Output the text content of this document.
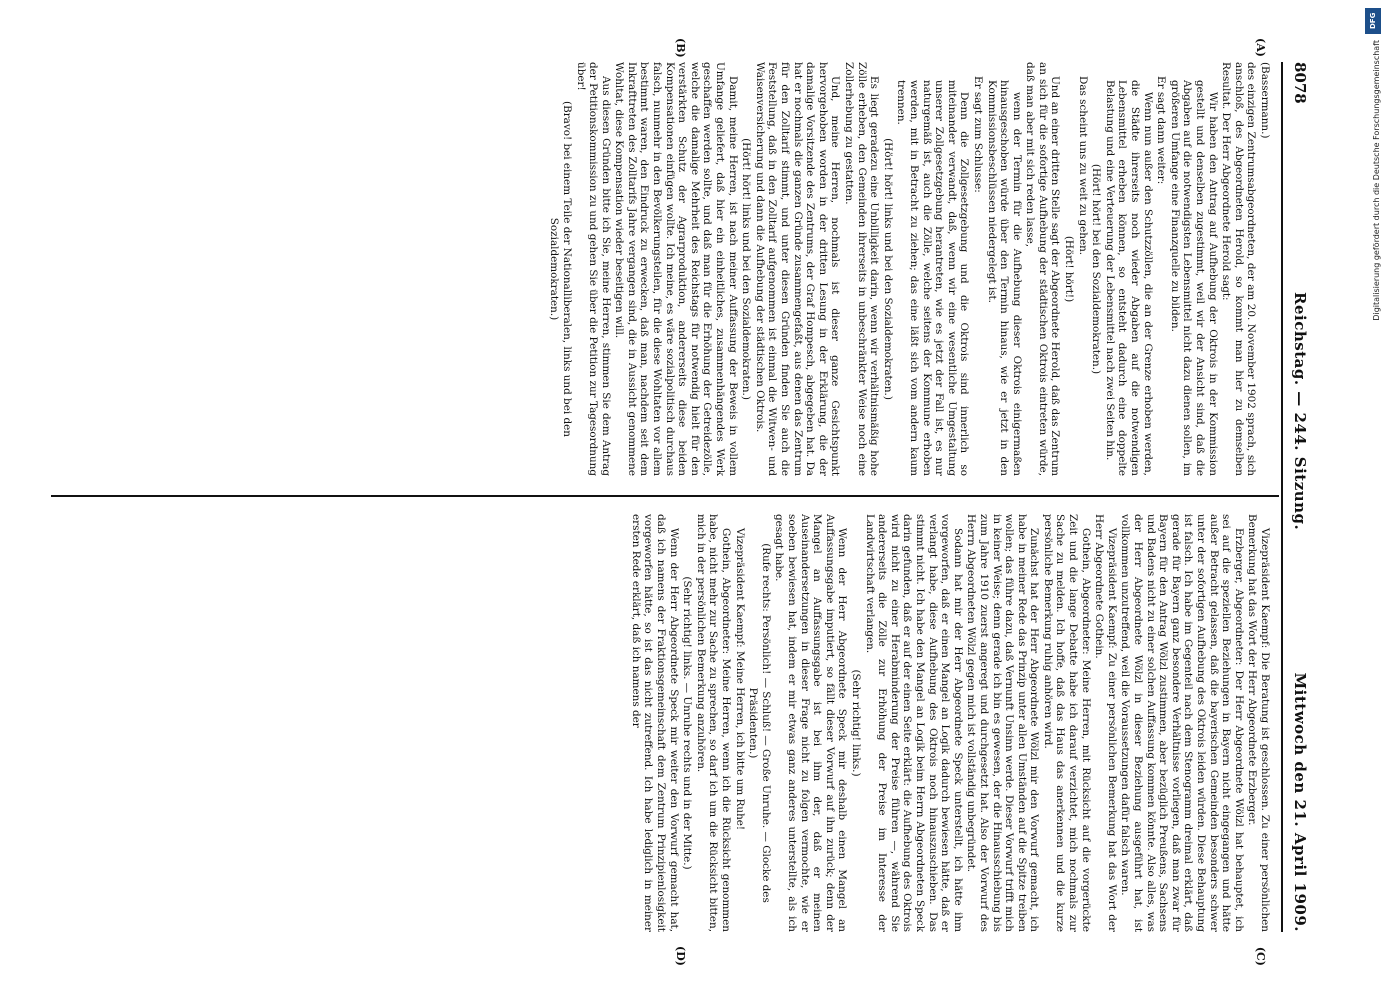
8078
Reichstag. — 244. Sitzung.
Mittwoch den 21. April 1909.
(A)
(B)
(C)
(D)

(Bassermann.)

des einzigen Zentrumsabgeordneten, der am 20. November 1902 sprach, sich anschloß, des Abgeordneten Herold, so kommt man hier zu demselben Resultat. Der Herr Abgeordnete Herold sagt:

Wir haben den Antrag auf Aufhebung der Oktrois in der Kommission gestellt und denselben zugestimmt, weil wir der Ansicht sind, daß die Abgaben auf die notwendigsten Lebensmittel nicht dazu dienen sollen, im größeren Umfange eine Finanzquelle zu bilden.

Er sagt dann weiter:

Wenn nun außer den Schutzzöllen, die an der Grenze erhoben werden, die Städte ihrerseits noch wieder Abgaben auf die notwendigen Lebensmittel erheben können, so entsteht dadurch eine doppelte Belastung und eine Verteuerung der Lebensmittel nach zwei Seiten hin.

(Hört! hört! bei den Sozialdemokraten.)

Das scheint uns zu weit zu gehen.

(Hört! hört!)

Und an einer dritten Stelle sagt der Abgeordnete Herold, daß das Zentrum an sich für die sofortige Aufhebung der städtischen Oktrois eintreten würde, daß man aber mit sich reden lasse,

wenn der Termin für die Aufhebung dieser Oktrois einigermaßen hinausgeschoben würde über den Termin hinaus, wie er jetzt in den Kommissionsbeschlüssen niedergelegt ist.

Er sagt zum Schlusse:

Denn die Zollgesetzgebung und die Oktrois sind innerlich so miteinander verwandt, daß, wenn wir eine wesentliche Umgestaltung unserer Zollgesetzgebung herantreten, wie es jetzt der Fall ist, es nur naturgemäß ist, auch die Zölle, welche seitens der Kommune erhoben werden, mit in Betracht zu ziehen; das eine läßt sich vom andern kaum trennen.

(Hört! hört! links und bei den Sozialdemokraten.)

Es liegt geradezu eine Unbilligkeit darin, wenn wir verhältnismäßig hohe Zölle erheben, den Gemeinden ihrerseits in unbeschränkter Weise noch eine Zollerhebung zu gestatten.

Und, meine Herren, nochmals ist dieser ganze Gesichtspunkt hervorgehoben worden in der dritten Lesung in der Erklärung, die der damalige Vorsitzende des Zentrums, der Graf Hompesch, abgegeben hat. Da hat er nochmals die ganzen Gründe zusammengefaßt, aus denen das Zentrum für den Zolltarif stimmt, und unter diesen Gründen finden Sie auch die Feststellung, daß in den Zolltarif aufgenommen ist einmal die Witwen- und Waisenversicherung und dann die Aufhebung der städtischen Oktrois.

(Hört! hört! links und bei den Sozialdemokraten.)

Damit, meine Herren, ist nach meiner Auffassung der Beweis in vollem Umfange geliefert, daß hier ein einheitliches, zusammenhängendes Werk geschaffen werden sollte, und daß man für die Erhöhung der Getreidezölle, welche die damalige Mehrheit des Reichstags für notwendig hielt für den verstärkten Schutz der Agrarproduktion, andererseits diese beiden Kompensationen einfügen wollte. Ich meine, es wäre sozialpolitisch durchaus falsch, nunmehr in den Bevölkerungsteilen, für die diese Wohltaten vor allem bestimmt waren, den Eindruck zu erwecken, daß man, nachdem seit dem Inkrafttreten des Zolltarifs Jahre vergangen sind, die in Aussicht genommene Wohltat, diese Kompensation wieder beseitigen will.

Aus diesen Gründen bitte ich Sie, meine Herren, stimmen Sie dem Antrag der Petitionskommission zu und gehen Sie über die Petition zur Tagesordnung über!

(Bravo! bei einem Teile der Nationalliberalen, links und bei den Sozialdemokraten.)

Vizepräsident Kaempf: Die Beratung ist geschlossen. Zu einer persönlichen Bemerkung hat das Wort der Herr Abgeordnete Erzberger.

Erzberger, Abgeordneter: Der Herr Abgeordnete Wölzl hat behauptet, ich sei auf die speziellen Beziehungen in Bayern nicht eingegangen und hätte außer Betracht gelassen, daß die bayerischen Gemeinden besonders schwer unter der sofortigen Aufhebung des Oktrois leiden würden. Diese Behauptung ist falsch. Ich habe im Gegenteil nach dem Stenogramm dreimal erklärt, daß gerade für Bayern ganz besondere Verhältnisse vorliegen, daß man zwar für Bayern für den Antrag Wölzl zustimmen, aber bezüglich Preußens, Sachsens und Badens nicht zu einer solchen Auffassung kommen könnte. Also alles, was der Herr Abgeordnete Wölzl in dieser Beziehung ausgeführt hat, ist vollkommen unzutreffend, weil die Voraussetzungen dafür falsch waren.

Vizepräsident Kaempf: Zu einer persönlichen Bemerkung hat das Wort der Herr Abgeordnete Gothein.

Gothein, Abgeordneter: Meine Herren, mit Rücksicht auf die vorgerückte Zeit und die lange Debatte habe ich darauf verzichtet, mich nochmals zur Sache zu melden. Ich hoffe, daß das Haus das anerkennen und die kurze persönliche Bemerkung ruhig anhören wird.

Zunächst hat der Herr Abgeordnete Wölzl mir den Vorwurf gemacht, ich habe in meiner Rede das Prinzip unter allen Umständen auf die Spitze treiben wollen; das führe dazu, daß Vernunft Unsinn werde. Dieser Vorwurf trifft mich in keiner Weise; denn gerade ich bin es gewesen, der die Hinausschiebung bis zum Jahre 1910 zuerst angeregt und durchgesetzt hat. Also der Vorwurf des Herrn Abgeordneten Wölzl gegen mich ist vollständig unbegründet.

Sodann hat mir der Herr Abgeordnete Speck unterstellt, ich hätte ihm vorgeworfen, daß er einen Mangel an Logik dadurch bewiesen hätte, daß er verlangt habe, diese Aufhebung des Oktrois noch hinauszuschieben. Das stimmt nicht. Ich habe den Mangel an Logik beim Herrn Abgeordneten Speck darin gefunden, daß er auf der einen Seite erklärt: die Aufhebung des Oktrois wird nicht zu einer Herabminderung der Preise führen —, während Sie andererseits die Zölle zur Erhöhung der Preise im Interesse der Landwirtschaft verlangen.

(Sehr richtig! links.)

Wenn der Herr Abgeordnete Speck mir deshalb einen Mangel an Auffassungsgabe imputiert, so fällt dieser Vorwurf auf ihn zurück; denn der Mangel an Auffassungsgabe ist bei ihm der, daß er meinen Auseinandersetzungen in dieser Frage nicht zu folgen vermochte, wie er soeben bewiesen hat, indem er mir etwas ganz anderes unterstellte, als ich gesagt habe.

(Rufe rechts: Persönlich! — Schluß! — Große Unruhe. — Glocke des Präsidenten.)

Vizepräsident Kaempf: Meine Herren, ich bitte um Ruhe!

Gothein, Abgeordneter: Meine Herren, wenn ich die Rücksicht genommen habe, nicht mehr zur Sache zu sprechen, so darf ich um die Rücksicht bitten, mich in der persönlichen Bemerkung anzuhören.

(Sehr richtig! links. — Unruhe rechts und in der Mitte.)

Wenn der Herr Abgeordnete Speck mir weiter den Vorwurf gemacht hat, daß ich namens der Fraktionsgemeinschaft dem Zentrum Prinzipienlosigkeit vorgeworfen hätte, so ist das nicht zutreffend. Ich habe lediglich in meiner ersten Rede erklärt, daß ich namens der

DFG
Digitalisierung gefördert durch die Deutsche Forschungsgemeinschaft
